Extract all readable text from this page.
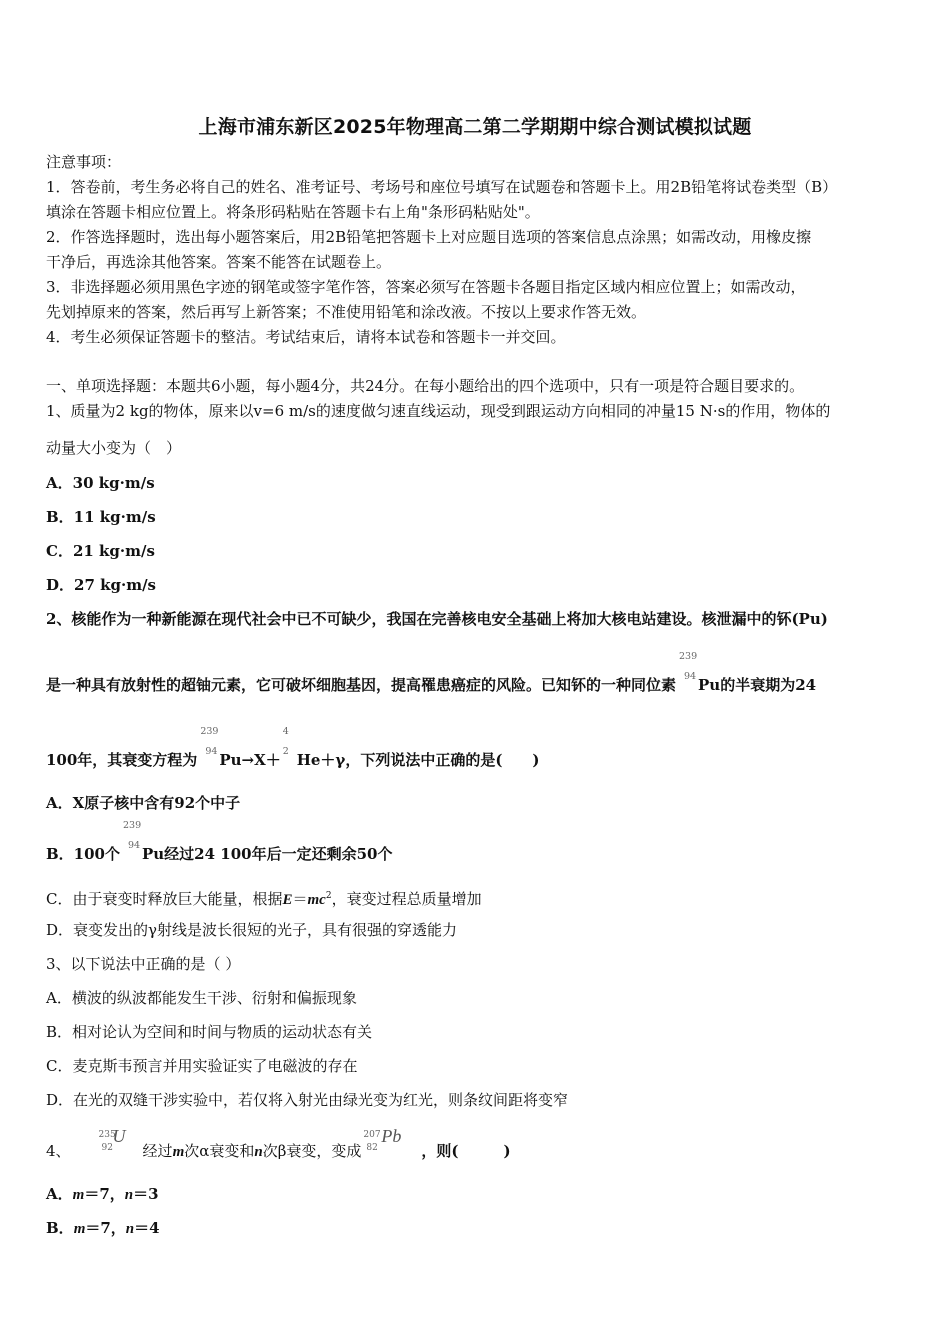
上海市浦东新区2025年物理高二第二学期期中综合测试模拟试题
注意事项：
1．答卷前，考生务必将自己的姓名、准考证号、考场号和座位号填写在试题卷和答题卡上。用2B铅笔将试卷类型（B）
填涂在答题卡相应位置上。将条形码粘贴在答题卡右上角"条形码粘贴处"。
2．作答选择题时，选出每小题答案后，用2B铅笔把答题卡上对应题目选项的答案信息点涂黑；如需改动，用橡皮擦
干净后，再选涂其他答案。答案不能答在试题卷上。
3．非选择题必须用黑色字迹的钢笔或签字笔作答，答案必须写在答题卡各题目指定区域内相应位置上；如需改动，
先划掉原来的答案，然后再写上新答案；不准使用铅笔和涂改液。不按以上要求作答无效。
4．考生必须保证答题卡的整洁。考试结束后，请将本试卷和答题卡一并交回。
一、单项选择题：本题共6小题，每小题4分，共24分。在每小题给出的四个选项中，只有一项是符合题目要求的。
1、质量为2 kg的物体，原来以v=6 m/s的速度做匀速直线运动，现受到跟运动方向相同的冲量15 N·s的作用，物体的
动量大小变为（　）
A．30 kg·m/s
B．11 kg·m/s
C．21 kg·m/s
D．27 kg·m/s
2、核能作为一种新能源在现代社会中已不可缺少，我国在完善核电安全基础上将加大核电站建设。核泄漏中的钚(Pu)
是一种具有放射性的超铀元素，它可破坏细胞基因，提高罹患癌症的风险。已知钚的一种同位素
239
94 Pu的半衰期为24
100年，其衰变方程为
239
94 Pu→X＋
4
2 He＋γ，下列说法中正确的是(　　)
A．X原子核中含有92个中子
B．100个
239
94 Pu经过24 100年后一定还剩余50个
C．由于衰变时释放巨大能量，根据$E=mc^2$，衰变过程总质量增加
D．衰变发出的γ射线是波长很短的光子，具有很强的穿透能力
3、以下说法中正确的是（ ）
A．横波的纵波都能发生干涉、衍射和偏振现象
B．相对论认为空间和时间与物质的运动状态有关
C．麦克斯韦预言并用实验证实了电磁波的存在
D．在光的双缝干涉实验中，若仅将入射光由绿光变为红光，则条纹间距将变窄
4、
235
92
U
经过m次α衰变和n次β衰变，变成
207
82
Pb
，则(　　　)
A．m＝7，n＝3
B．m＝7，n＝4
